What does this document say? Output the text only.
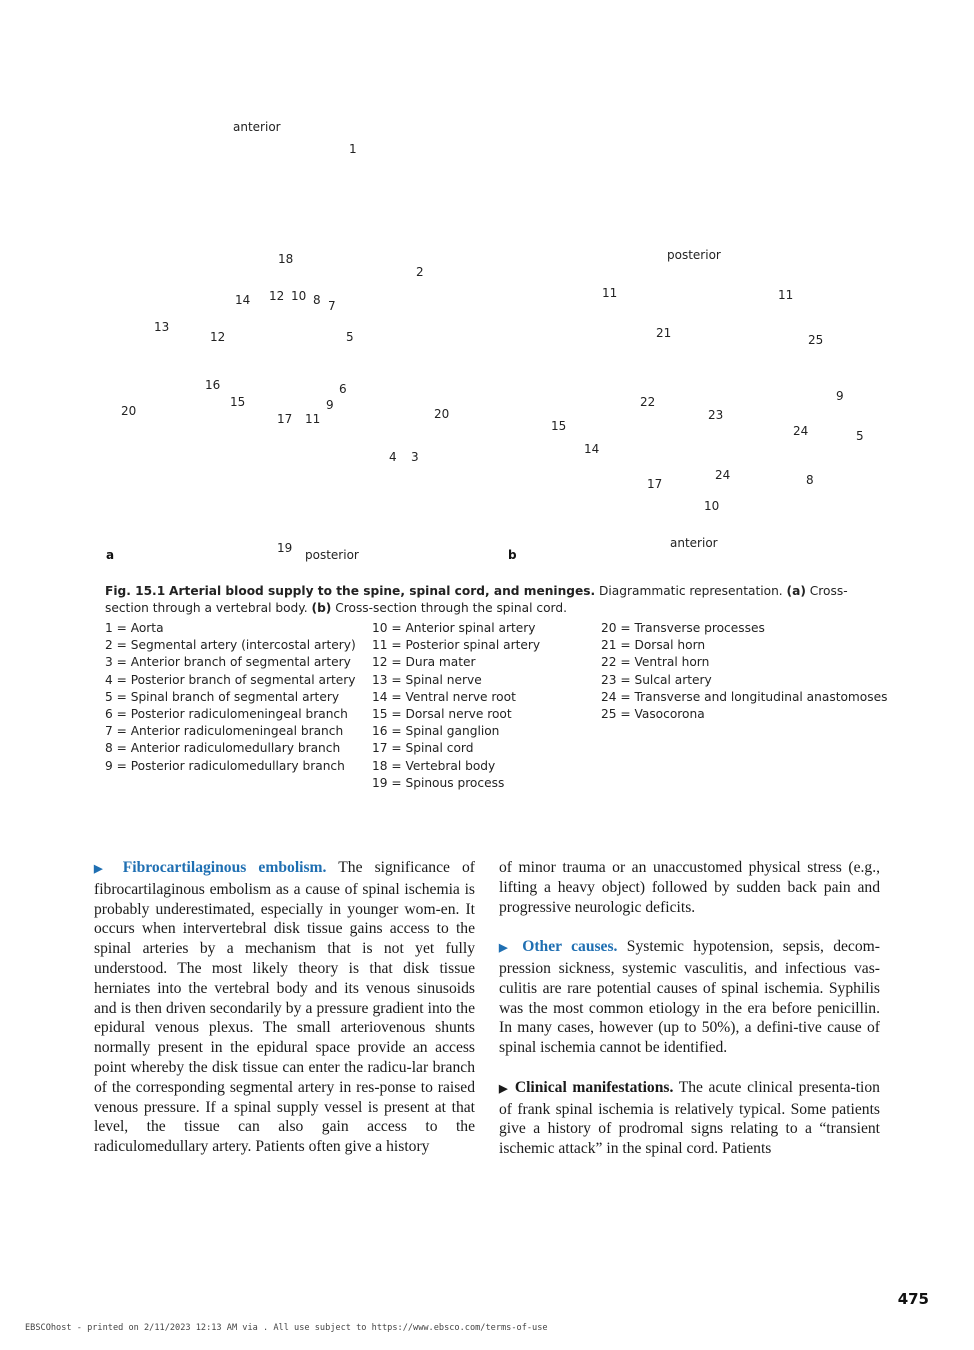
anterior
1
18
2
14 12 10 8 7
13
12	5
16	6
15	9
20
17 11	20
4 3
19 posterior
a
posterior
11	11
21	25
9
22
23
15	24	5
14
24
17	8
10
anterior
b
Fig. 15.1 Arterial blood supply to the spine, spinal cord, and meninges. Diagrammatic representation. (a) Cross-section through a vertebral body. (b) Cross-section through the spinal cord.
1 = Aorta
2 = Segmental artery (intercostal artery)
3 = Anterior branch of segmental artery
4 = Posterior branch of segmental artery
5 = Spinal branch of segmental artery
6 = Posterior radiculomeningeal branch
7 = Anterior radiculomeningeal branch
8 = Anterior radiculomedullary branch
9 = Posterior radiculomedullary branch
10 = Anterior spinal artery
11 = Posterior spinal artery
12 = Dura mater
13 = Spinal nerve
14 = Ventral nerve root
15 = Dorsal nerve root
16 = Spinal ganglion
17 = Spinal cord
18 = Vertebral body
19 = Spinous process
20 = Transverse processes
21 = Dorsal horn
22 = Ventral horn
23 = Sulcal artery
24 = Transverse and longitudinal anastomoses
25 = Vasocorona

▶ Fibrocartilaginous embolism. The significance of fibrocartilaginous embolism as a cause of spinal ischemia is probably underestimated, especially in younger wom-en. It occurs when intervertebral disk tissue gains access to the spinal arteries by a mechanism that is not yet fully understood. The most likely theory is that disk tissue herniates into the vertebral body and its venous sinusoids and is then driven secondarily by a pressure gradient into the epidural venous plexus. The small arteriovenous shunts normally present in the epidural space provide an access point whereby the disk tissue can enter the radicu-lar branch of the corresponding segmental artery in res-ponse to raised venous pressure. If a spinal supply vessel is present at that level, the tissue can also gain access to the radiculomedullary artery. Patients often give a history

of minor trauma or an unaccustomed physical stress (e.g., lifting a heavy object) followed by sudden back pain and progressive neurologic deficits.

▶ Other causes. Systemic hypotension, sepsis, decom-pression sickness, systemic vasculitis, and infectious vas-culitis are rare potential causes of spinal ischemia. Syphilis was the most common etiology in the era before penicillin. In many cases, however (up to 50%), a defini-tive cause of spinal ischemia cannot be identified.

▶ Clinical manifestations. The acute clinical presenta-tion of frank spinal ischemia is relatively typical. Some patients give a history of prodromal signs relating to a “transient ischemic attack” in the spinal cord. Patients

475
EBSCOhost - printed on 2/11/2023 12:13 AM via . All use subject to https://www.ebsco.com/terms-of-use
